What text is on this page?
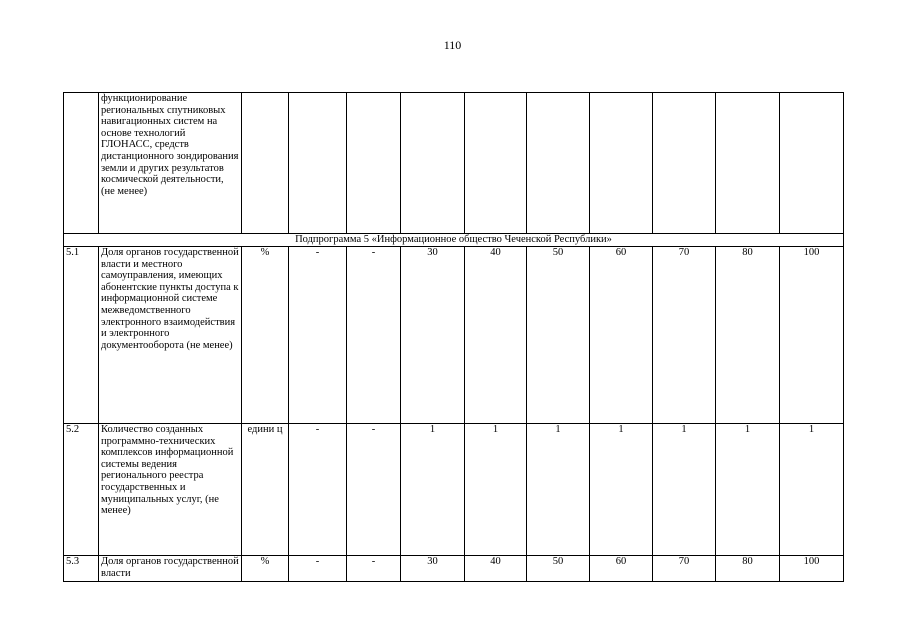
110
	функционирование региональных спутниковых навигационных систем на основе технологий ГЛОНАСС, средств дистанционного зондирования земли и других результатов космической деятельности, (не менее)										
Подпрограмма 5 «Информационное общество Чеченской Республики»											
5.1	Доля органов государственной власти и местного самоуправления, имеющих абонентские пункты доступа к информационной системе межведомственного электронного взаимодействия и электронного документооборота (не менее)	%	-	-	30	40	50	60	70	80	100
5.2	Количество созданных программно-технических комплексов информационной системы ведения регионального реестра государственных и муниципальных услуг, (не менее)	едини ц	-	-	1	1	1	1	1	1	1
5.3	Доля органов государственной власти	%	-	-	30	40	50	60	70	80	100
